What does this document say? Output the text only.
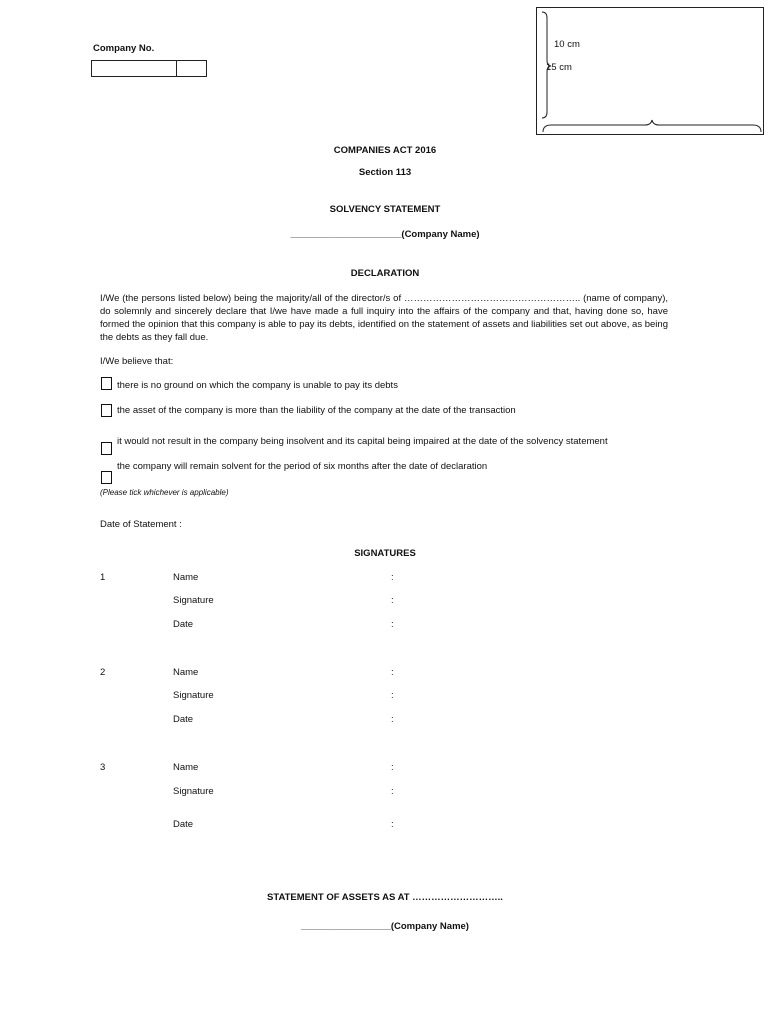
Company No.	10 cm
15 cm
COMPANIES ACT 2016
Section 113
SOLVENCY STATEMENT
_____________________(Company Name)
DECLARATION
I/We (the persons listed below) being the majority/all of the director/s of ……………………………………………….. (name of company), do solemnly and sincerely declare that I/we have made a full inquiry into the affairs of the company and that, having done so, have formed the opinion that this company is able to pay its debts, identified on the statement of assets and liabilities set out above, as being the debts as they fall due.
I/We believe that:
there is no ground on which the company is unable to pay its debts
the asset of the company is more than the liability of the company at the date of the transaction
it would not result in the company being insolvent and its capital being impaired at the date of the solvency statement
the company will remain solvent for the period of six months after the date of declaration
(Please tick whichever is applicable)
Date of Statement :
SIGNATURES
1	Name	:
Signature	:
Date	:
2	Name	:
Signature	:
Date	:
3	Name	:
Signature	:
Date	:
STATEMENT OF ASSETS AS AT ………………………..
_________________(Company Name)
